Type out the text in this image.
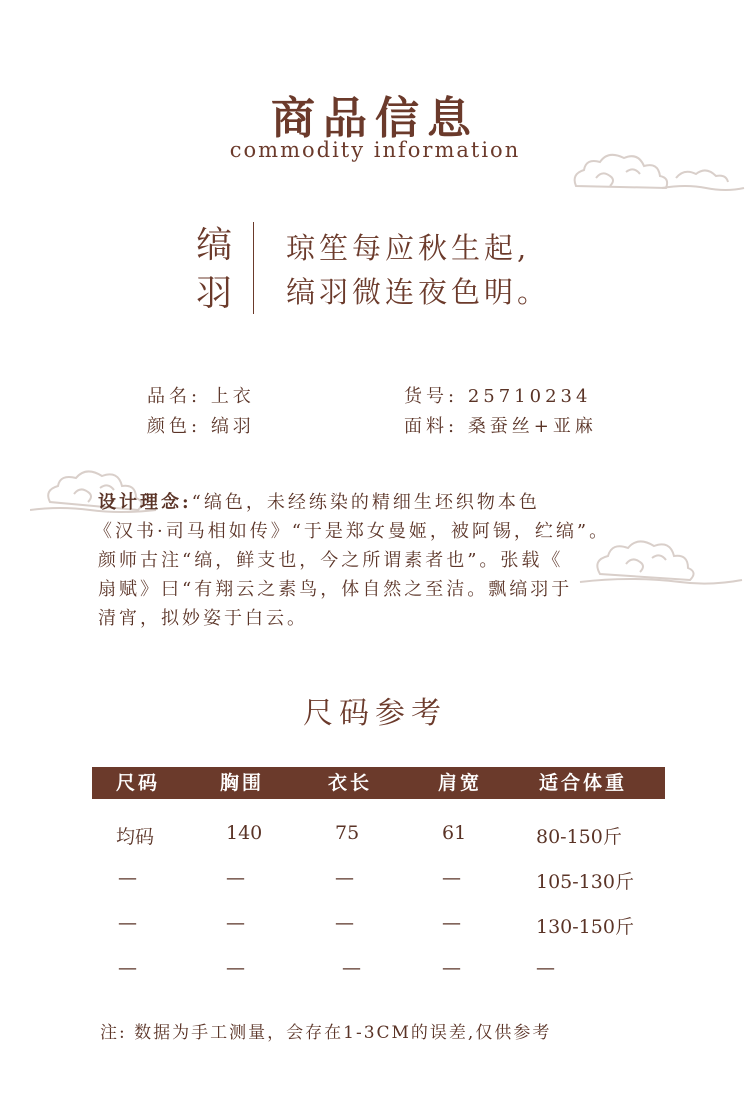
商品信息
commodity information
缟
羽
琼笙每应秋生起,
缟羽微连夜色明。
品名: 上衣	货号: 25710234
颜色: 缟羽	面料: 桑蚕丝+亚麻
设计理念:“缟色，未经练染的精细生坯织物本色
《汉书·司马相如传》“于是郑女曼姬，被阿锡，纻缟”。
颜师古注“缟，鲜支也，今之所谓素者也”。张载《
扇赋》曰“有翔云之素鸟，体自然之至洁。飘缟羽于
清宵，拟妙姿于白云。
尺码参考
尺码	胸围	衣长	肩宽	适合体重
均码	140	75	61	80-150斤
—	—	—	—	105-130斤
—	—	—	—	130-150斤
—	—	—	—	—
注: 数据为手工测量，会存在1-3CM的误差,仅供参考
